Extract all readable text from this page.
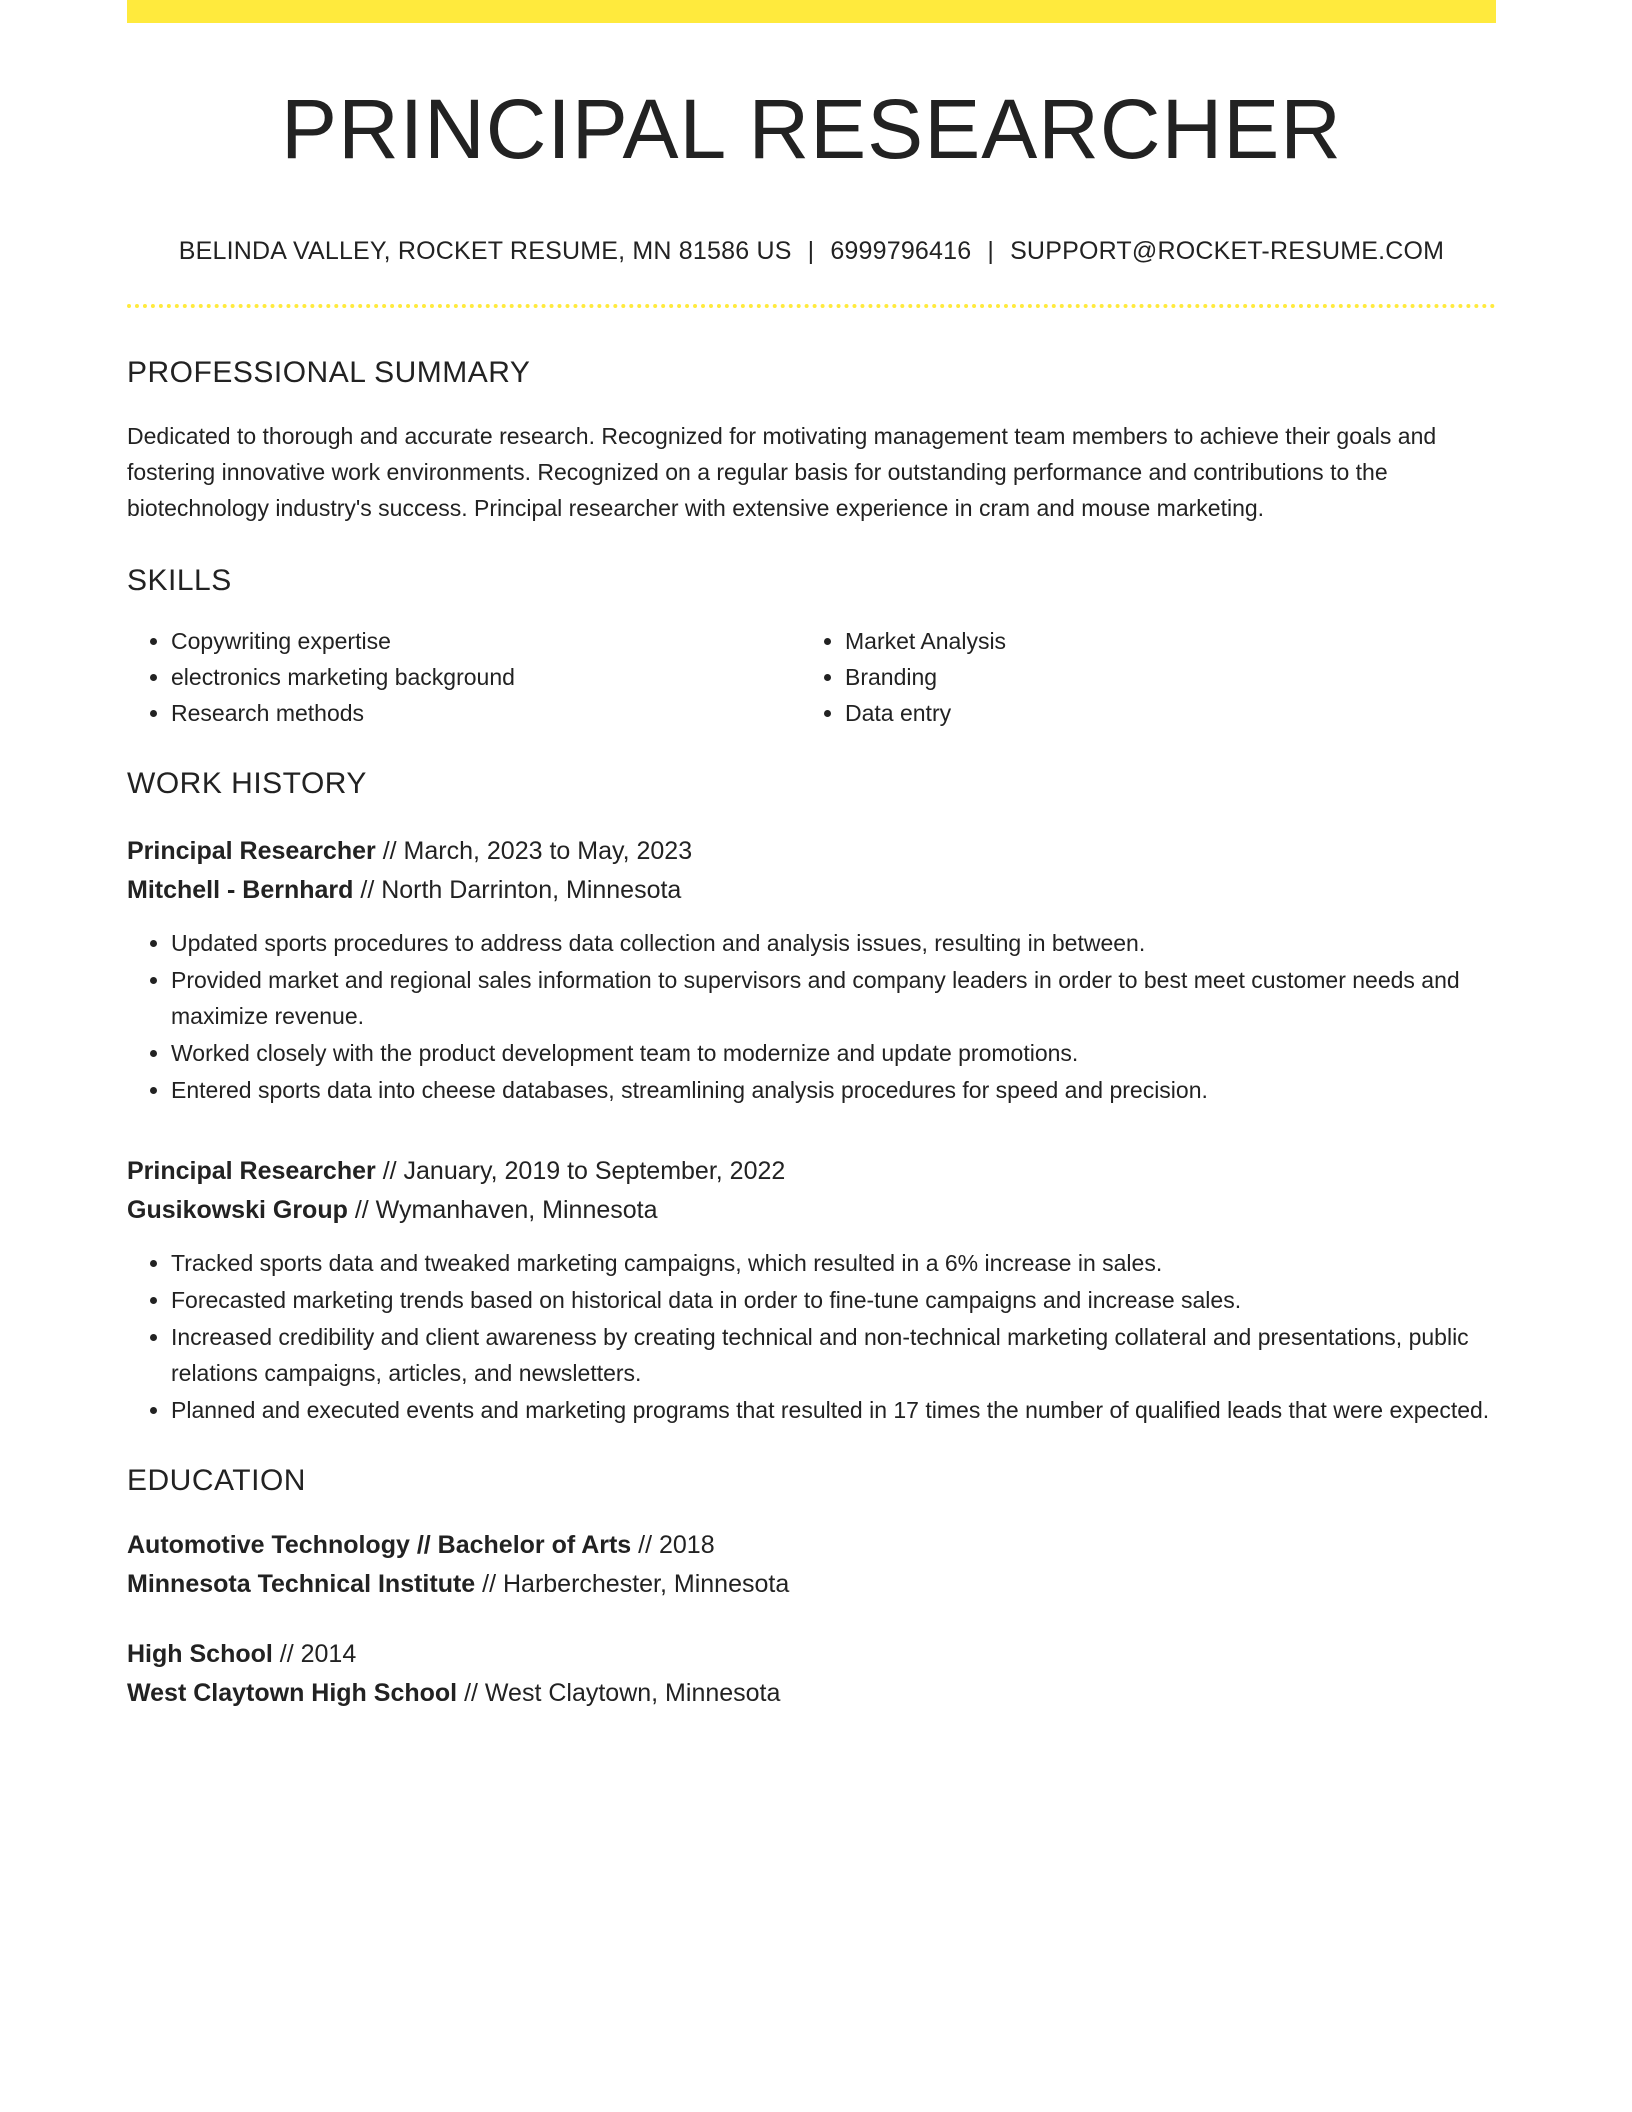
PRINCIPAL RESEARCHER
BELINDA VALLEY, ROCKET RESUME, MN 81586 US | 6999796416 | SUPPORT@ROCKET-RESUME.COM
PROFESSIONAL SUMMARY
Dedicated to thorough and accurate research. Recognized for motivating management team members to achieve their goals and fostering innovative work environments. Recognized on a regular basis for outstanding performance and contributions to the biotechnology industry's success. Principal researcher with extensive experience in cram and mouse marketing.
SKILLS
• Copywriting expertise
• electronics marketing background
• Research methods
• Market Analysis
• Branding
• Data entry
WORK HISTORY
Principal Researcher // March, 2023 to May, 2023
Mitchell - Bernhard // North Darrinton, Minnesota
• Updated sports procedures to address data collection and analysis issues, resulting in between.
• Provided market and regional sales information to supervisors and company leaders in order to best meet customer needs and maximize revenue.
• Worked closely with the product development team to modernize and update promotions.
• Entered sports data into cheese databases, streamlining analysis procedures for speed and precision.
Principal Researcher // January, 2019 to September, 2022
Gusikowski Group // Wymanhaven, Minnesota
• Tracked sports data and tweaked marketing campaigns, which resulted in a 6% increase in sales.
• Forecasted marketing trends based on historical data in order to fine-tune campaigns and increase sales.
• Increased credibility and client awareness by creating technical and non-technical marketing collateral and presentations, public relations campaigns, articles, and newsletters.
• Planned and executed events and marketing programs that resulted in 17 times the number of qualified leads that were expected.
EDUCATION
Automotive Technology // Bachelor of Arts // 2018
Minnesota Technical Institute // Harberchester, Minnesota
High School // 2014
West Claytown High School // West Claytown, Minnesota
